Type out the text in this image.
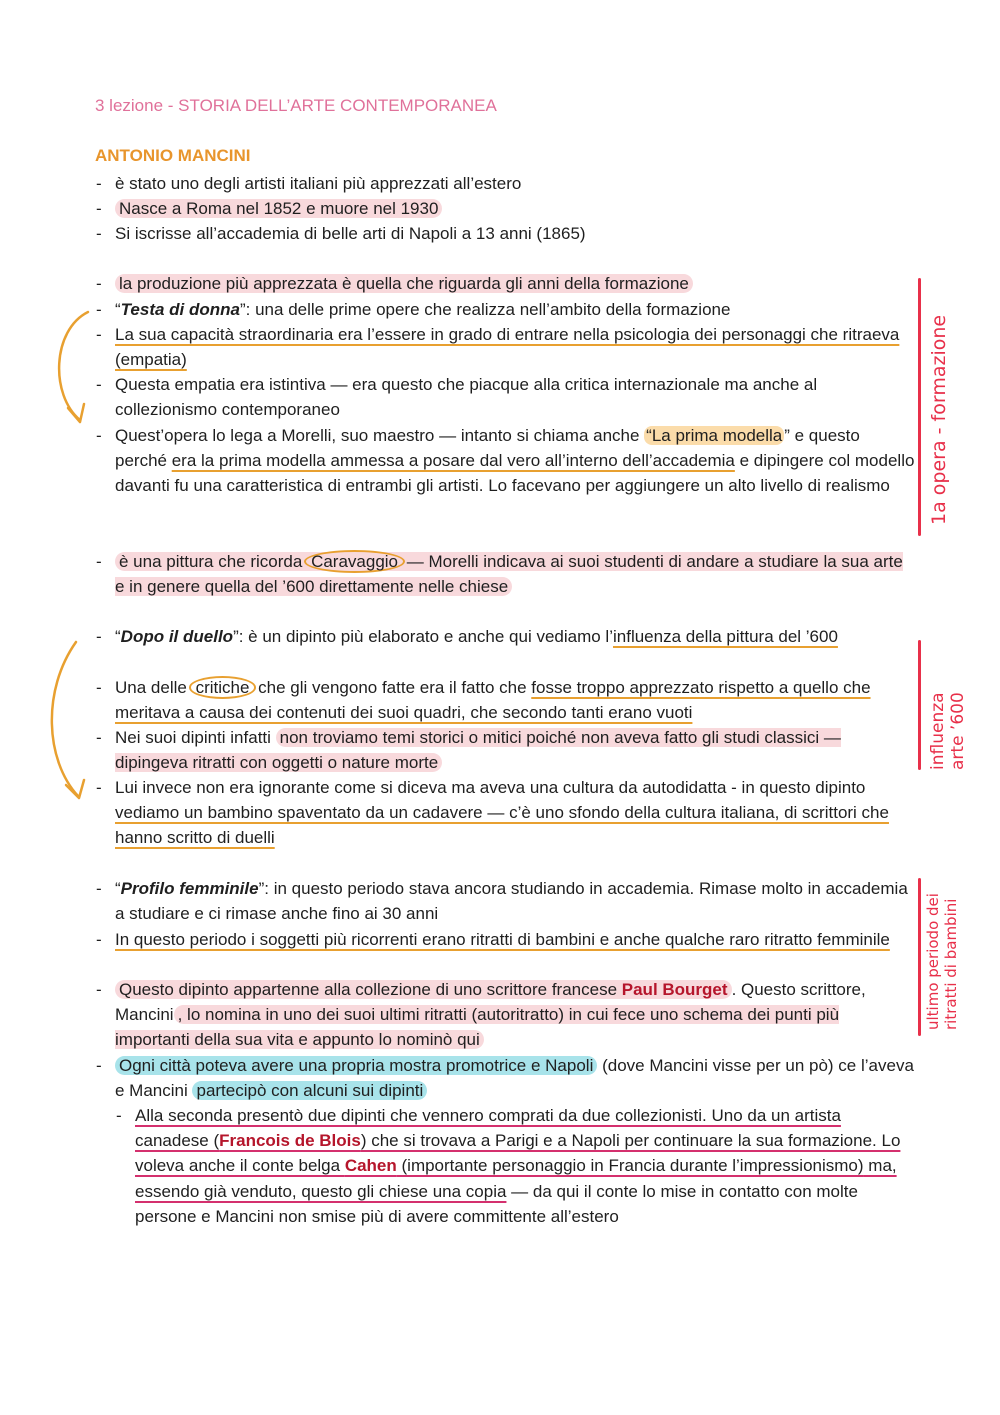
3 lezione - STORIA DELL’ARTE CONTEMPORANEA
ANTONIO MANCINI
- è stato uno degli artisti italiani più apprezzati all’estero
- Nasce a Roma nel 1852 e muore nel 1930
- Si iscrisse all’accademia di belle arti di Napoli a 13 anni (1865)
- la produzione più apprezzata è quella che riguarda gli anni della formazione
- “Testa di donna”: una delle prime opere che realizza nell’ambito della formazione
- La sua capacità straordinaria era l’essere in grado di entrare nella psicologia dei personaggi che ritraeva (empatia)
- Questa empatia era istintiva — era questo che piacque alla critica internazionale ma anche al collezionismo contemporaneo
- Quest’opera lo lega a Morelli, suo maestro — intanto si chiama anche “La prima modella ” e questo perché era la prima modella ammessa a posare dal vero all’interno dell’accademia e dipingere col modello davanti fu una caratteristica di entrambi gli artisti. Lo facevano per aggiungere un alto livello di realismo
- è una pittura che ricorda Caravaggio — Morelli indicava ai suoi studenti di andare a studiare la sua arte e in genere quella del ’600 direttamente nelle chiese
- “Dopo il duello”: è un dipinto più elaborato e anche qui vediamo l’influenza della pittura del ’600
- Una delle critiche che gli vengono fatte era il fatto che fosse troppo apprezzato rispetto a quello che meritava a causa dei contenuti dei suoi quadri, che secondo tanti erano vuoti
- Nei suoi dipinti infatti non troviamo temi storici o mitici poiché non aveva fatto gli studi classici — dipingeva ritratti con oggetti o nature morte
- Lui invece non era ignorante come si diceva ma aveva una cultura da autodidatta - in questo dipinto vediamo un bambino spaventato da un cadavere — c’è uno sfondo della cultura italiana, di scrittori che hanno scritto di duelli
- “Profilo femminile”: in questo periodo stava ancora studiando in accademia. Rimase molto in accademia a studiare e ci rimase anche fino ai 30 anni
- In questo periodo i soggetti più ricorrenti erano ritratti di bambini e anche qualche raro ritratto femminile
- Questo dipinto appartenne alla collezione di uno scrittore francese Paul Bourget . Questo scrittore, Mancini , lo nomina in uno dei suoi ultimi ritratti (autoritratto) in cui fece uno schema dei punti più importanti della sua vita e appunto lo nominò qui
- Ogni città poteva avere una propria mostra promotrice e Napoli (dove Mancini visse per un pò) ce l’aveva e Mancini partecipò con alcuni sui dipinti
- Alla seconda presentò due dipinti che vennero comprati da due collezionisti. Uno da un artista canadese (Francois de Blois) che si trovava a Parigi e a Napoli per continuare la sua formazione. Lo voleva anche il conte belga Cahen (importante personaggio in Francia durante l’impressionismo) ma, essendo già venduto, questo gli chiese una copia — da qui il conte lo mise in contatto con molte persone e Mancini non smise più di avere committente all’estero
1a opera - formazione
influenza arte ’600
ultimo periodo dei ritratti di bambini
